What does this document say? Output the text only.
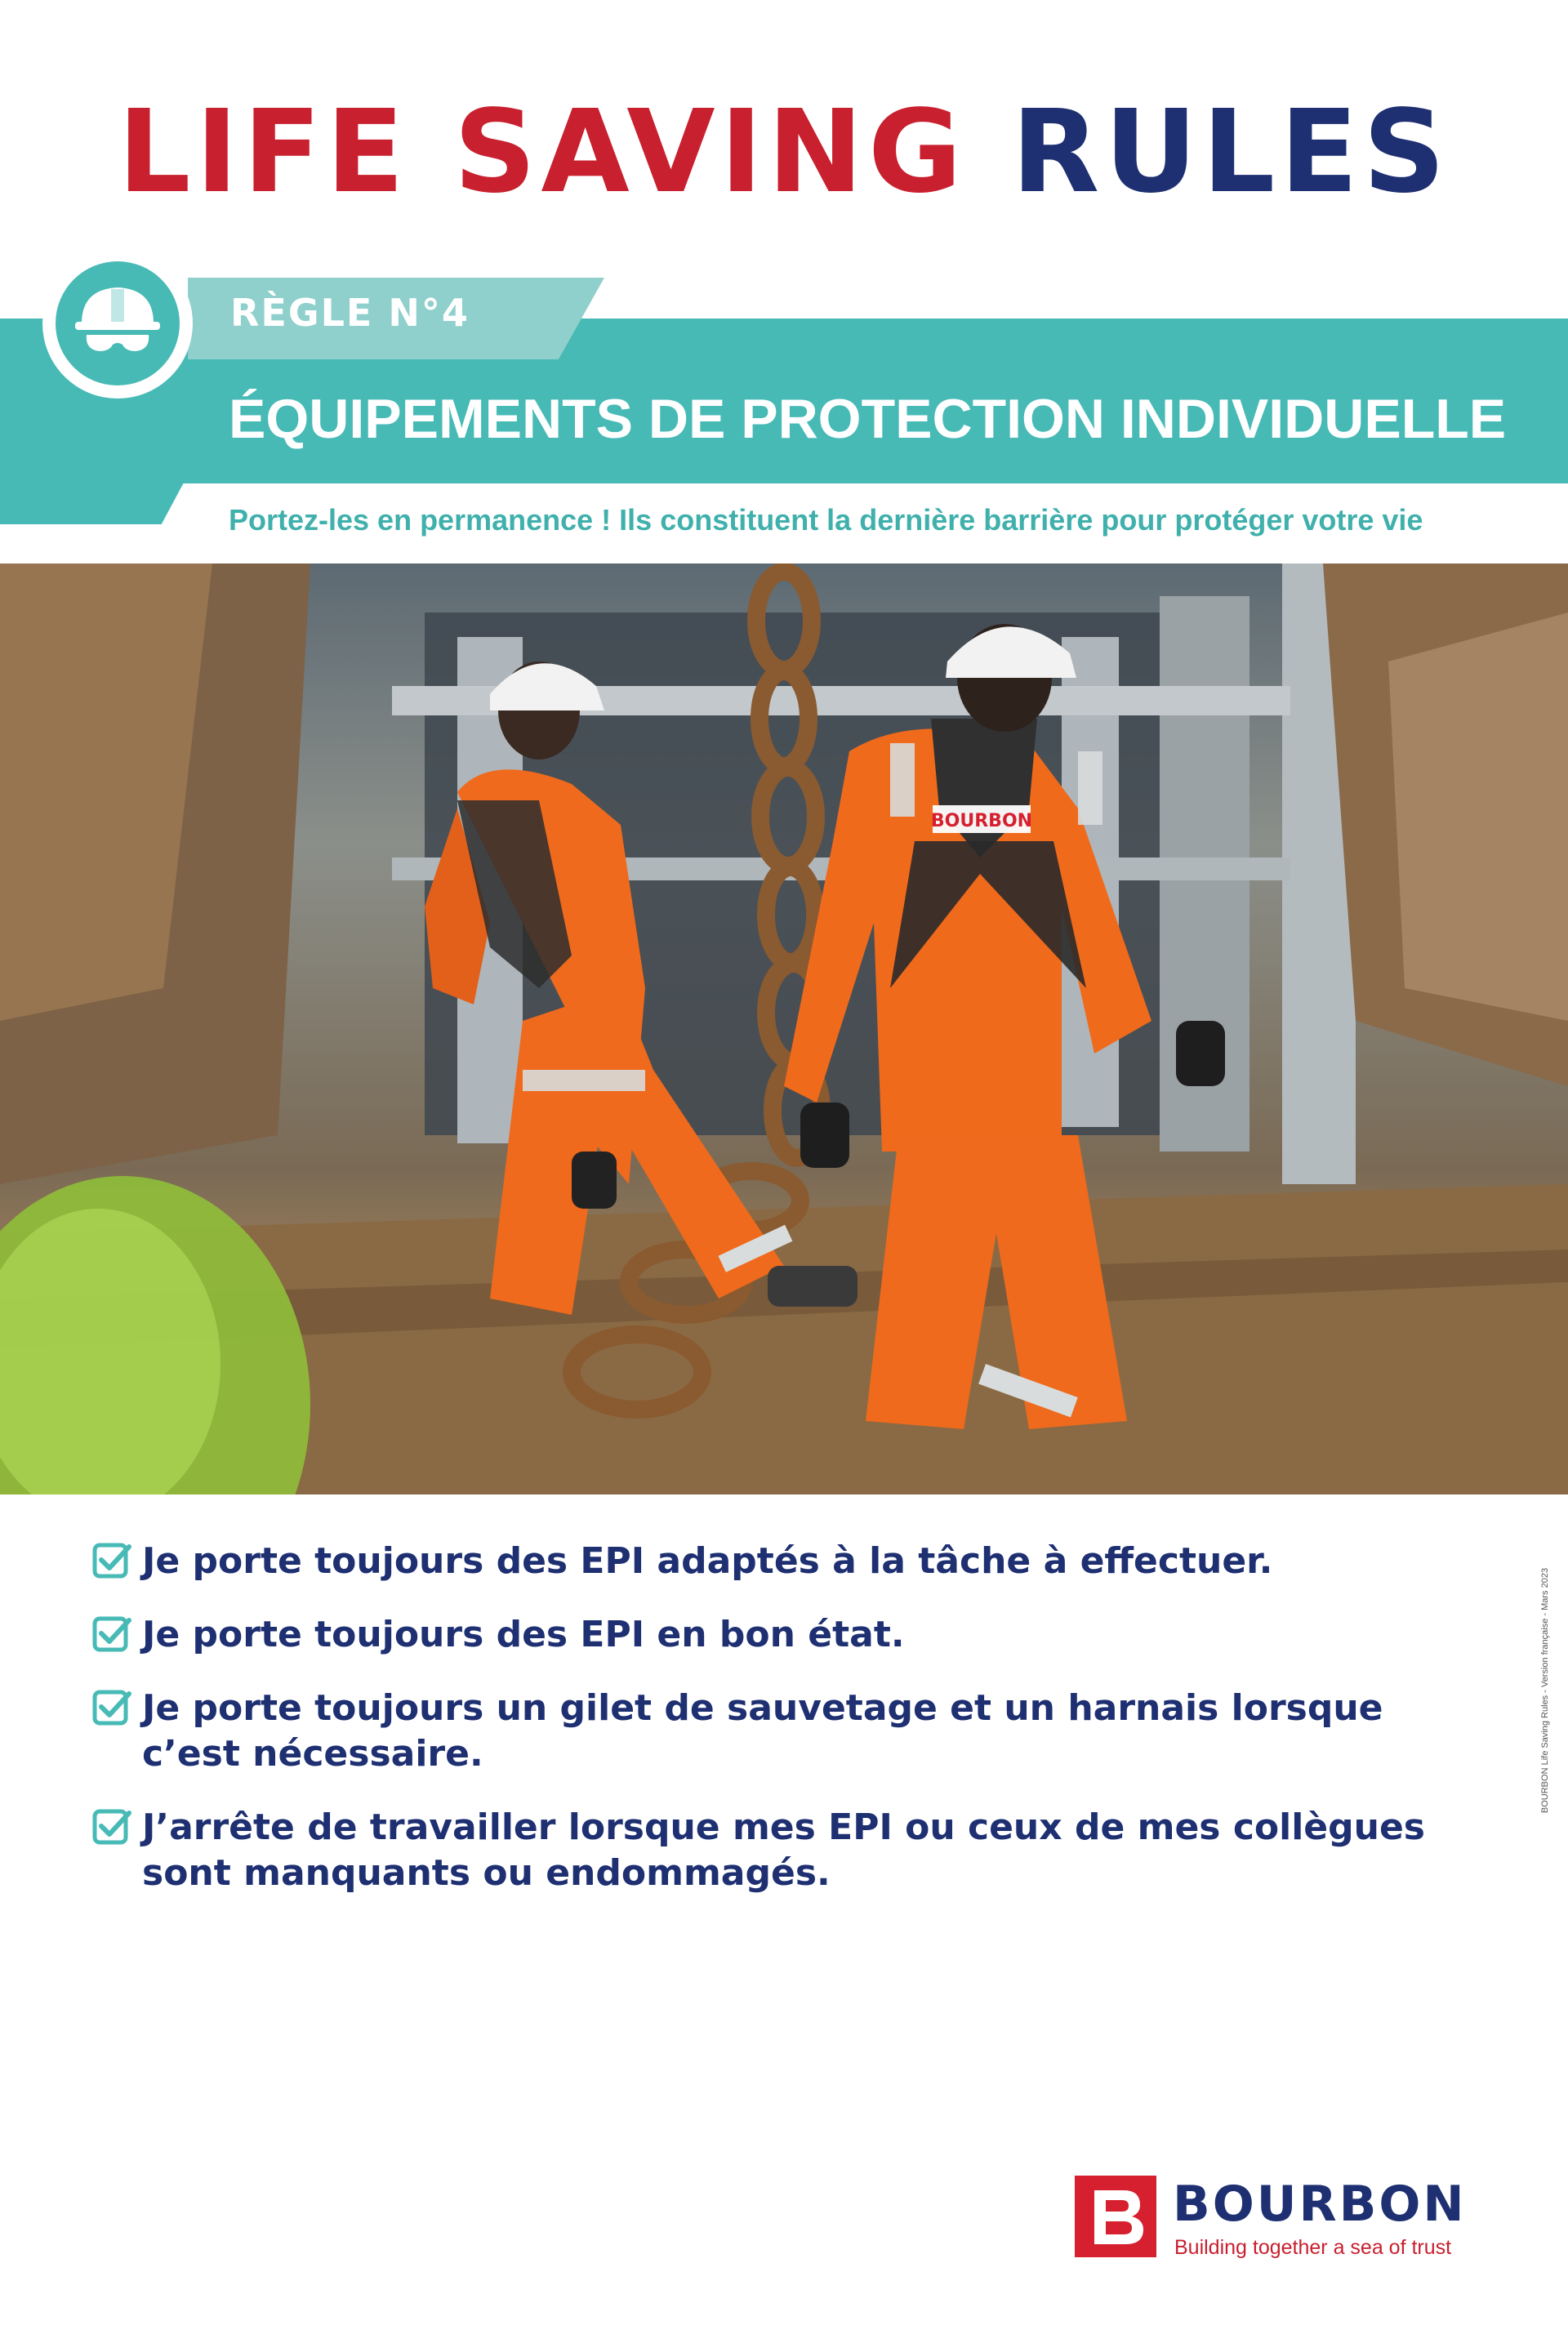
LIFE SAVING RULES
RÈGLE N°4
ÉQUIPEMENTS DE PROTECTION INDIVIDUELLE
Portez-les en permanence ! Ils constituent la dernière barrière pour protéger votre vie
BOURBON
Je porte toujours des EPI adaptés à la tâche à effectuer.
Je porte toujours des EPI en bon état.
Je porte toujours un gilet de sauvetage et un harnais lorsque c’est nécessaire.
J’arrête de travailler lorsque mes EPI ou ceux de mes collègues sont manquants ou endommagés.
BOURBON Life Saving Rules - Version française - Mars 2023
BOURBON
Building together a sea of trust
